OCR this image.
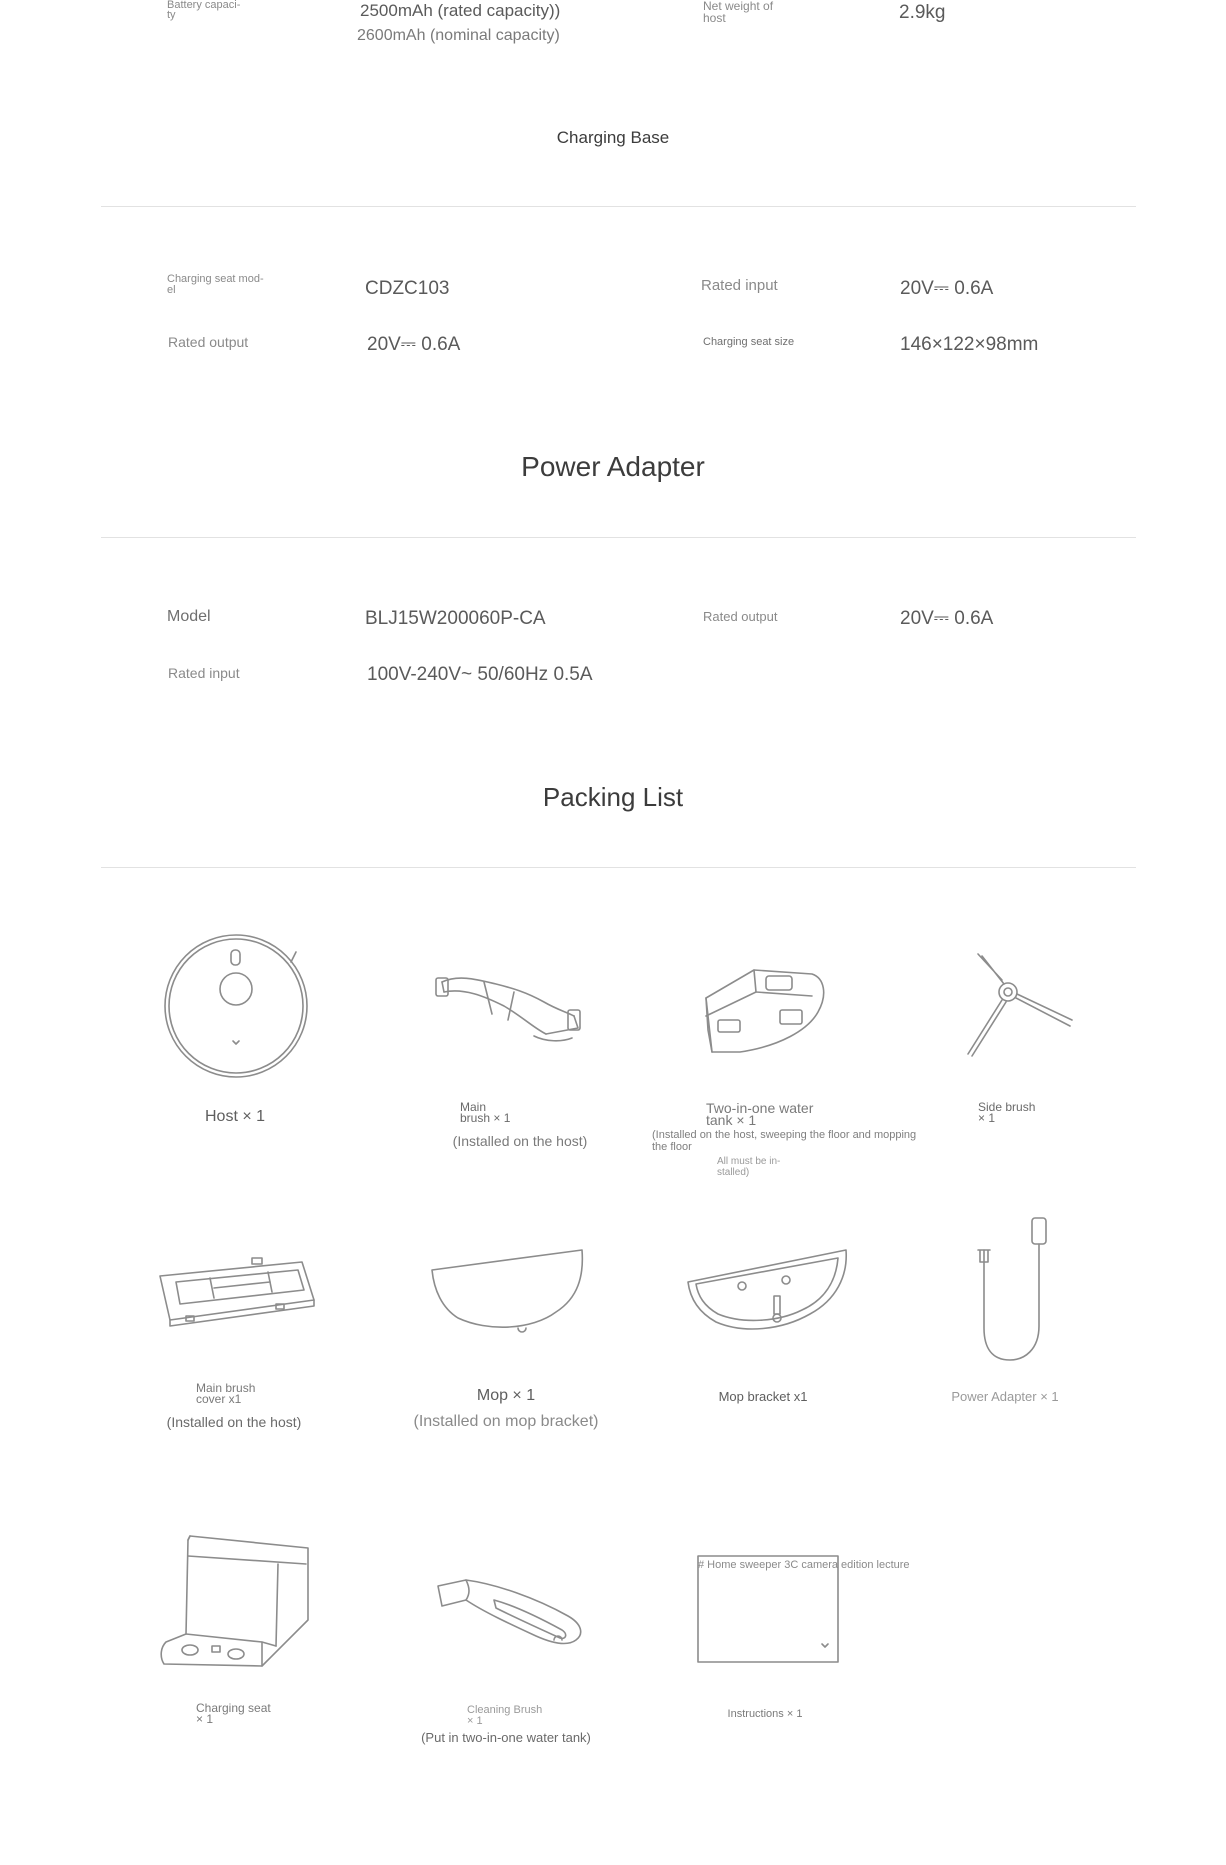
Battery capaci-
ty	2500mAh (rated capacity))
2600mAh (nominal capacity)
Net weight of
host	2.9kg
Charging Base
Charging seat mod-
el	CDZC103	Rated input	20V⎓ 0.6A
Rated output	20V⎓ 0.6A	Charging seat size	146×122×98mm
Power Adapter
Model	BLJ15W200060P-CA	Rated output	20V⎓ 0.6A
Rated input	100V-240V~ 50/60Hz 0.5A
Packing List
Host × 1
Main
brush × 1
(Installed on the host)
Two-in-one water
tank × 1
(Installed on the host, sweeping the floor and mopping
the floor
All must be in-
stalled)
Side brush
× 1
Main brush
cover x1
(Installed on the host)
Mop × 1
(Installed on mop bracket)
Mop bracket x1	Power Adapter × 1
# Home sweeper 3C camera edition lecture
Charging seat
× 1
Cleaning Brush
× 1
(Put in two-in-one water tank)
Instructions × 1
